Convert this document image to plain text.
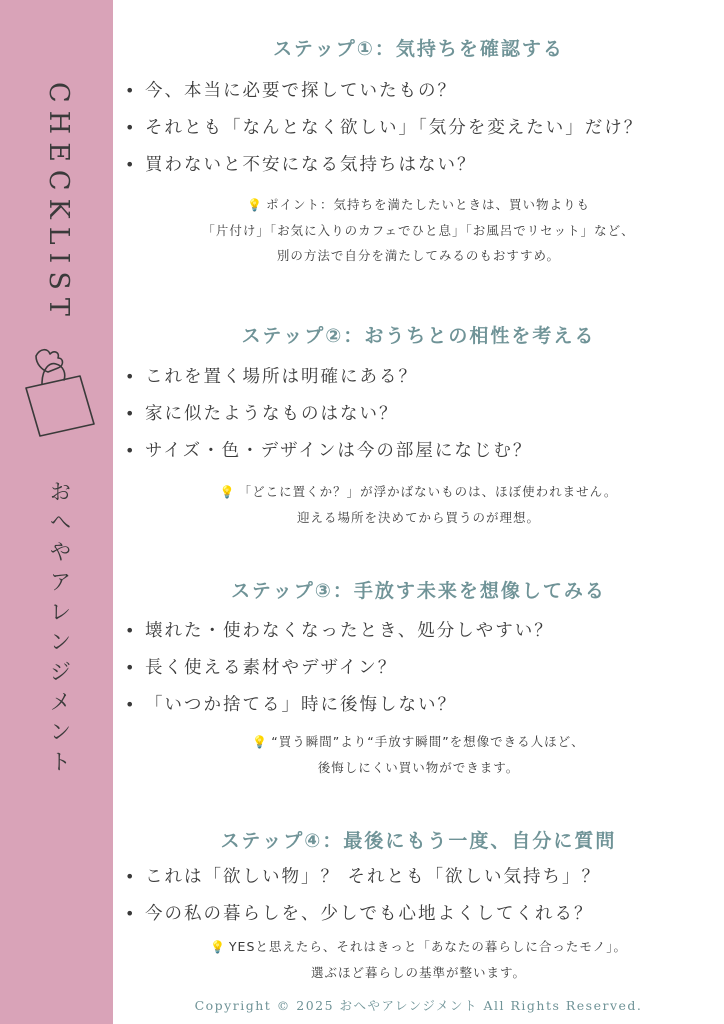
CHECKLIST
おへやアレンジメント
ステップ①：気持ちを確認する
• 今、本当に必要で探していたもの？
• それとも「なんとなく欲しい」「気分を変えたい」だけ？
• 買わないと不安になる気持ちはない？
💡 ポイント：気持ちを満たしたいときは、買い物よりも
「片付け」「お気に入りのカフェでひと息」「お風呂でリセット」など、
別の方法で自分を満たしてみるのもおすすめ。
ステップ②：おうちとの相性を考える
• これを置く場所は明確にある？
• 家に似たようなものはない？
• サイズ・色・デザインは今の部屋になじむ？
💡 「どこに置くか？」が浮かばないものは、ほぼ使われません。
迎える場所を決めてから買うのが理想。
ステップ③：手放す未来を想像してみる
• 壊れた・使わなくなったとき、処分しやすい？
• 長く使える素材やデザイン？
• 「いつか捨てる」時に後悔しない？
💡 “買う瞬間”より“手放す瞬間”を想像できる人ほど、
後悔しにくい買い物ができます。
ステップ④：最後にもう一度、自分に質問
• これは「欲しい物」？ それとも「欲しい気持ち」？
• 今の私の暮らしを、少しでも心地よくしてくれる？
💡 YESと思えたら、それはきっと「あなたの暮らしに合ったモノ」。
選ぶほど暮らしの基準が整います。
Copyright © 2025 おへやアレンジメント All Rights Reserved.
